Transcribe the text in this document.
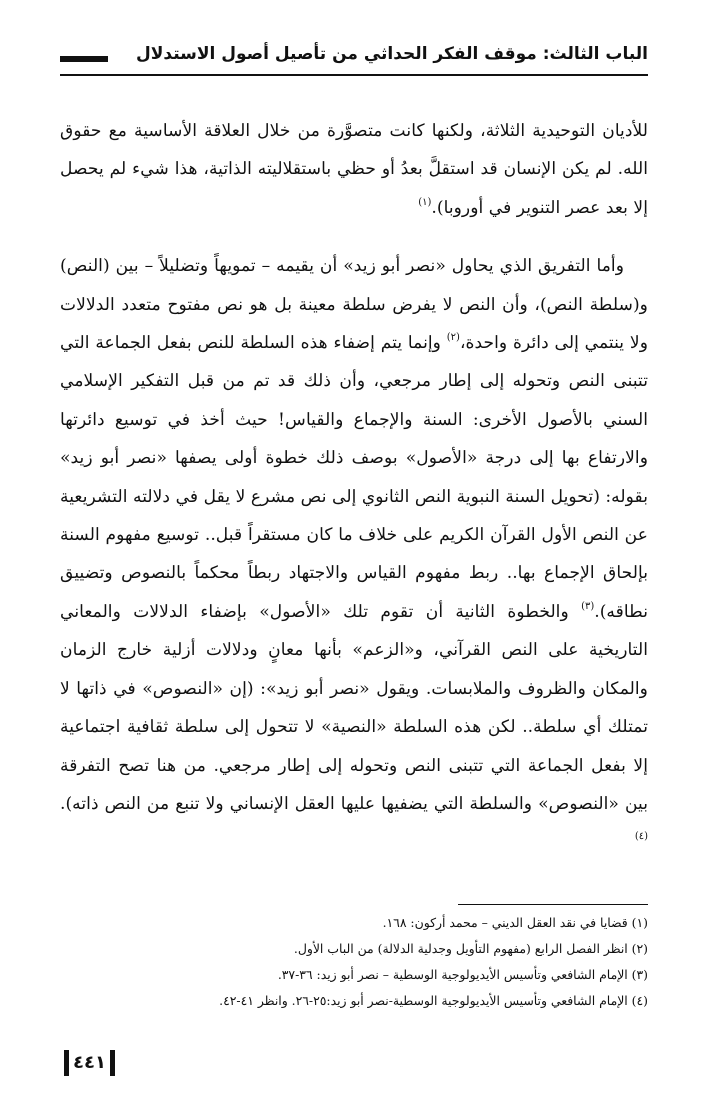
الباب الثالث: موقف الفكر الحداثي من تأصيل أصول الاستدلال

للأديان التوحيدية الثلاثة، ولكنها كانت متصوَّرة من خلال العلاقة الأساسية مع حقوق الله. لم يكن الإنسان قد استقلَّ بعدُ أو حظي باستقلاليته الذاتية، هذا شيء لم يحصل إلا بعد عصر التنوير في أوروبا).$^{(١)}$

وأما التفريق الذي يحاول «نصر أبو زيد» أن يقيمه – تمويهاً وتضليلاً – بين (النص) و(سلطة النص)، وأن النص لا يفرض سلطة معينة بل هو نص مفتوح متعدد الدلالات ولا ينتمي إلى دائرة واحدة،$^{(٢)}$ وإنما يتم إضفاء هذه السلطة للنص بفعل الجماعة التي تتبنى النص وتحوله إلى إطار مرجعي، وأن ذلك قد تم من قبل التفكير الإسلامي السني بالأصول الأخرى: السنة والإجماع والقياس! حيث أخذ في توسيع دائرتها والارتفاع بها إلى درجة «الأصول» بوصف ذلك خطوة أولى يصفها «نصر أبو زيد» بقوله: (تحويل السنة النبوية النص الثانوي إلى نص مشرع لا يقل في دلالته التشريعية عن النص الأول القرآن الكريم على خلاف ما كان مستقراً قبل.. توسيع مفهوم السنة بإلحاق الإجماع بها.. ربط مفهوم القياس والاجتهاد ربطاً محكماً بالنصوص وتضييق نطاقه).$^{(٣)}$ والخطوة الثانية أن تقوم تلك «الأصول» بإضفاء الدلالات والمعاني التاريخية على النص القرآني، و«الزعم» بأنها معانٍ ودلالات أزلية خارج الزمان والمكان والظروف والملابسات. ويقول «نصر أبو زيد»: (إن «النصوص» في ذاتها لا تمتلك أي سلطة.. لكن هذه السلطة «النصية» لا تتحول إلى سلطة ثقافية اجتماعية إلا بفعل الجماعة التي تتبنى النص وتحوله إلى إطار مرجعي. من هنا تصح التفرقة بين «النصوص» والسلطة التي يضفيها عليها العقل الإنساني ولا تنبع من النص ذاته).$^{(٤)}$

(١) قضايا في نقد العقل الديني – محمد أركون: ١٦٨.
(٢) انظر الفصل الرابع (مفهوم التأويل وجدلية الدلالة) من الباب الأول.
(٣) الإمام الشافعي وتأسيس الأيديولوجية الوسطية – نصر أبو زيد: ٣٦-٣٧.
(٤) الإمام الشافعي وتأسيس الأيديولوجية الوسطية-نصر أبو زيد:٢٥-٢٦. وانظر ٤١-٤٢.
٤٤١
